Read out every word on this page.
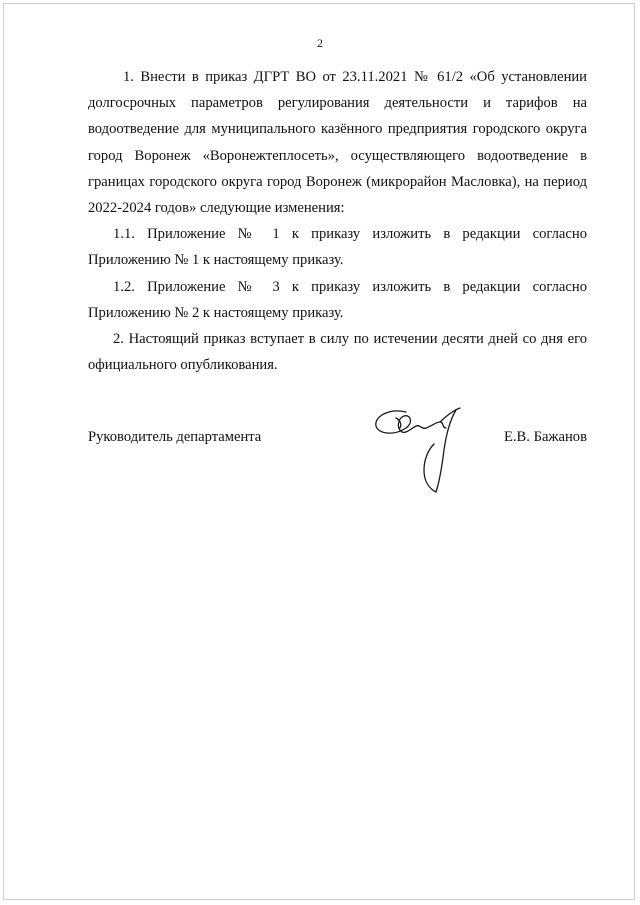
2

1. Внести в приказ ДГРТ ВО от 23.11.2021 № 61/2 «Об установлении долгосрочных параметров регулирования деятельности и тарифов на водоотведение для муниципального казённого предприятия городского округа город Воронеж «Воронежтеплосеть», осуществляющего водоотведение в границах городского округа город Воронеж (микрорайон Масловка), на период 2022-2024 годов» следующие изменения:

1.1. Приложение № 1 к приказу изложить в редакции согласно Приложению № 1 к настоящему приказу.

1.2. Приложение № 3 к приказу изложить в редакции согласно Приложению № 2 к настоящему приказу.

2. Настоящий приказ вступает в силу по истечении десяти дней со дня его официального опубликования.

Руководитель департамента	Е.В. Бажанов
